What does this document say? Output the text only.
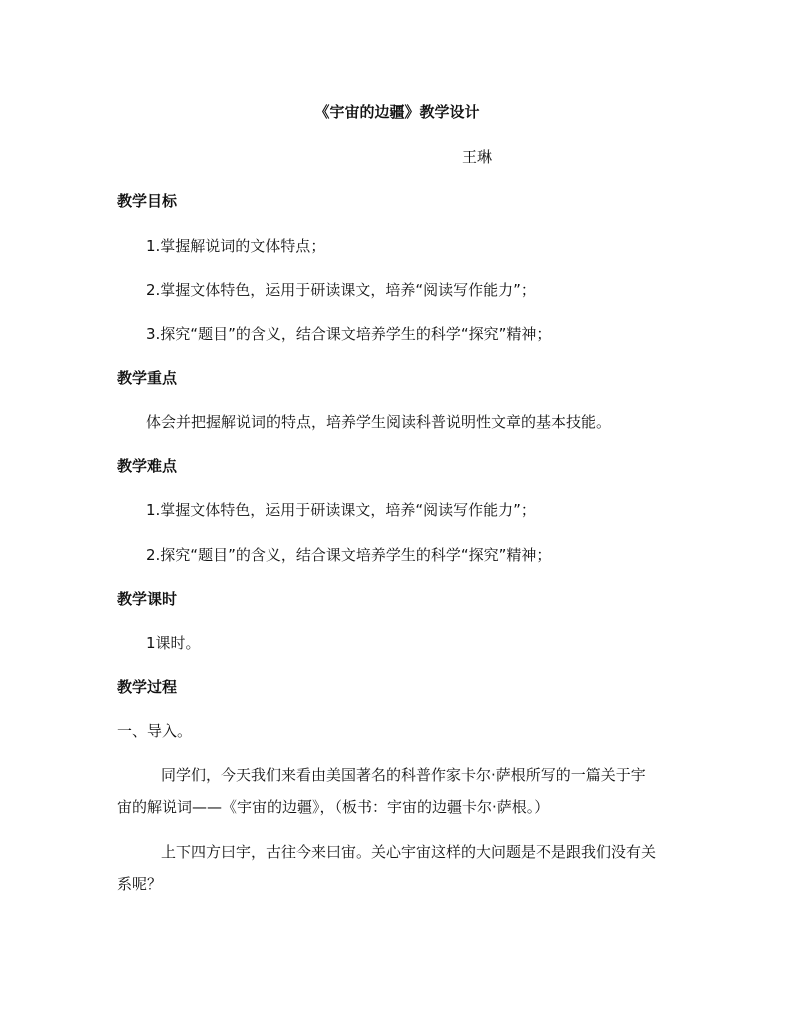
《宇宙的边疆》教学设计
王琳
教学目标
1.掌握解说词的文体特点；
2.掌握文体特色，运用于研读课文，培养“阅读写作能力”；
3.探究“题目”的含义，结合课文培养学生的科学“探究”精神；
教学重点
体会并把握解说词的特点，培养学生阅读科普说明性文章的基本技能。
教学难点
1.掌握文体特色，运用于研读课文，培养“阅读写作能力”；
2.探究“题目”的含义，结合课文培养学生的科学“探究”精神；
教学课时
1课时。
教学过程
一、导入。
同学们，今天我们来看由美国著名的科普作家卡尔·萨根所写的一篇关于宇
宙的解说词——《宇宙的边疆》，（板书：宇宙的边疆卡尔·萨根。）
上下四方曰宇，古往今来曰宙。关心宇宙这样的大问题是不是跟我们没有关
系呢？
